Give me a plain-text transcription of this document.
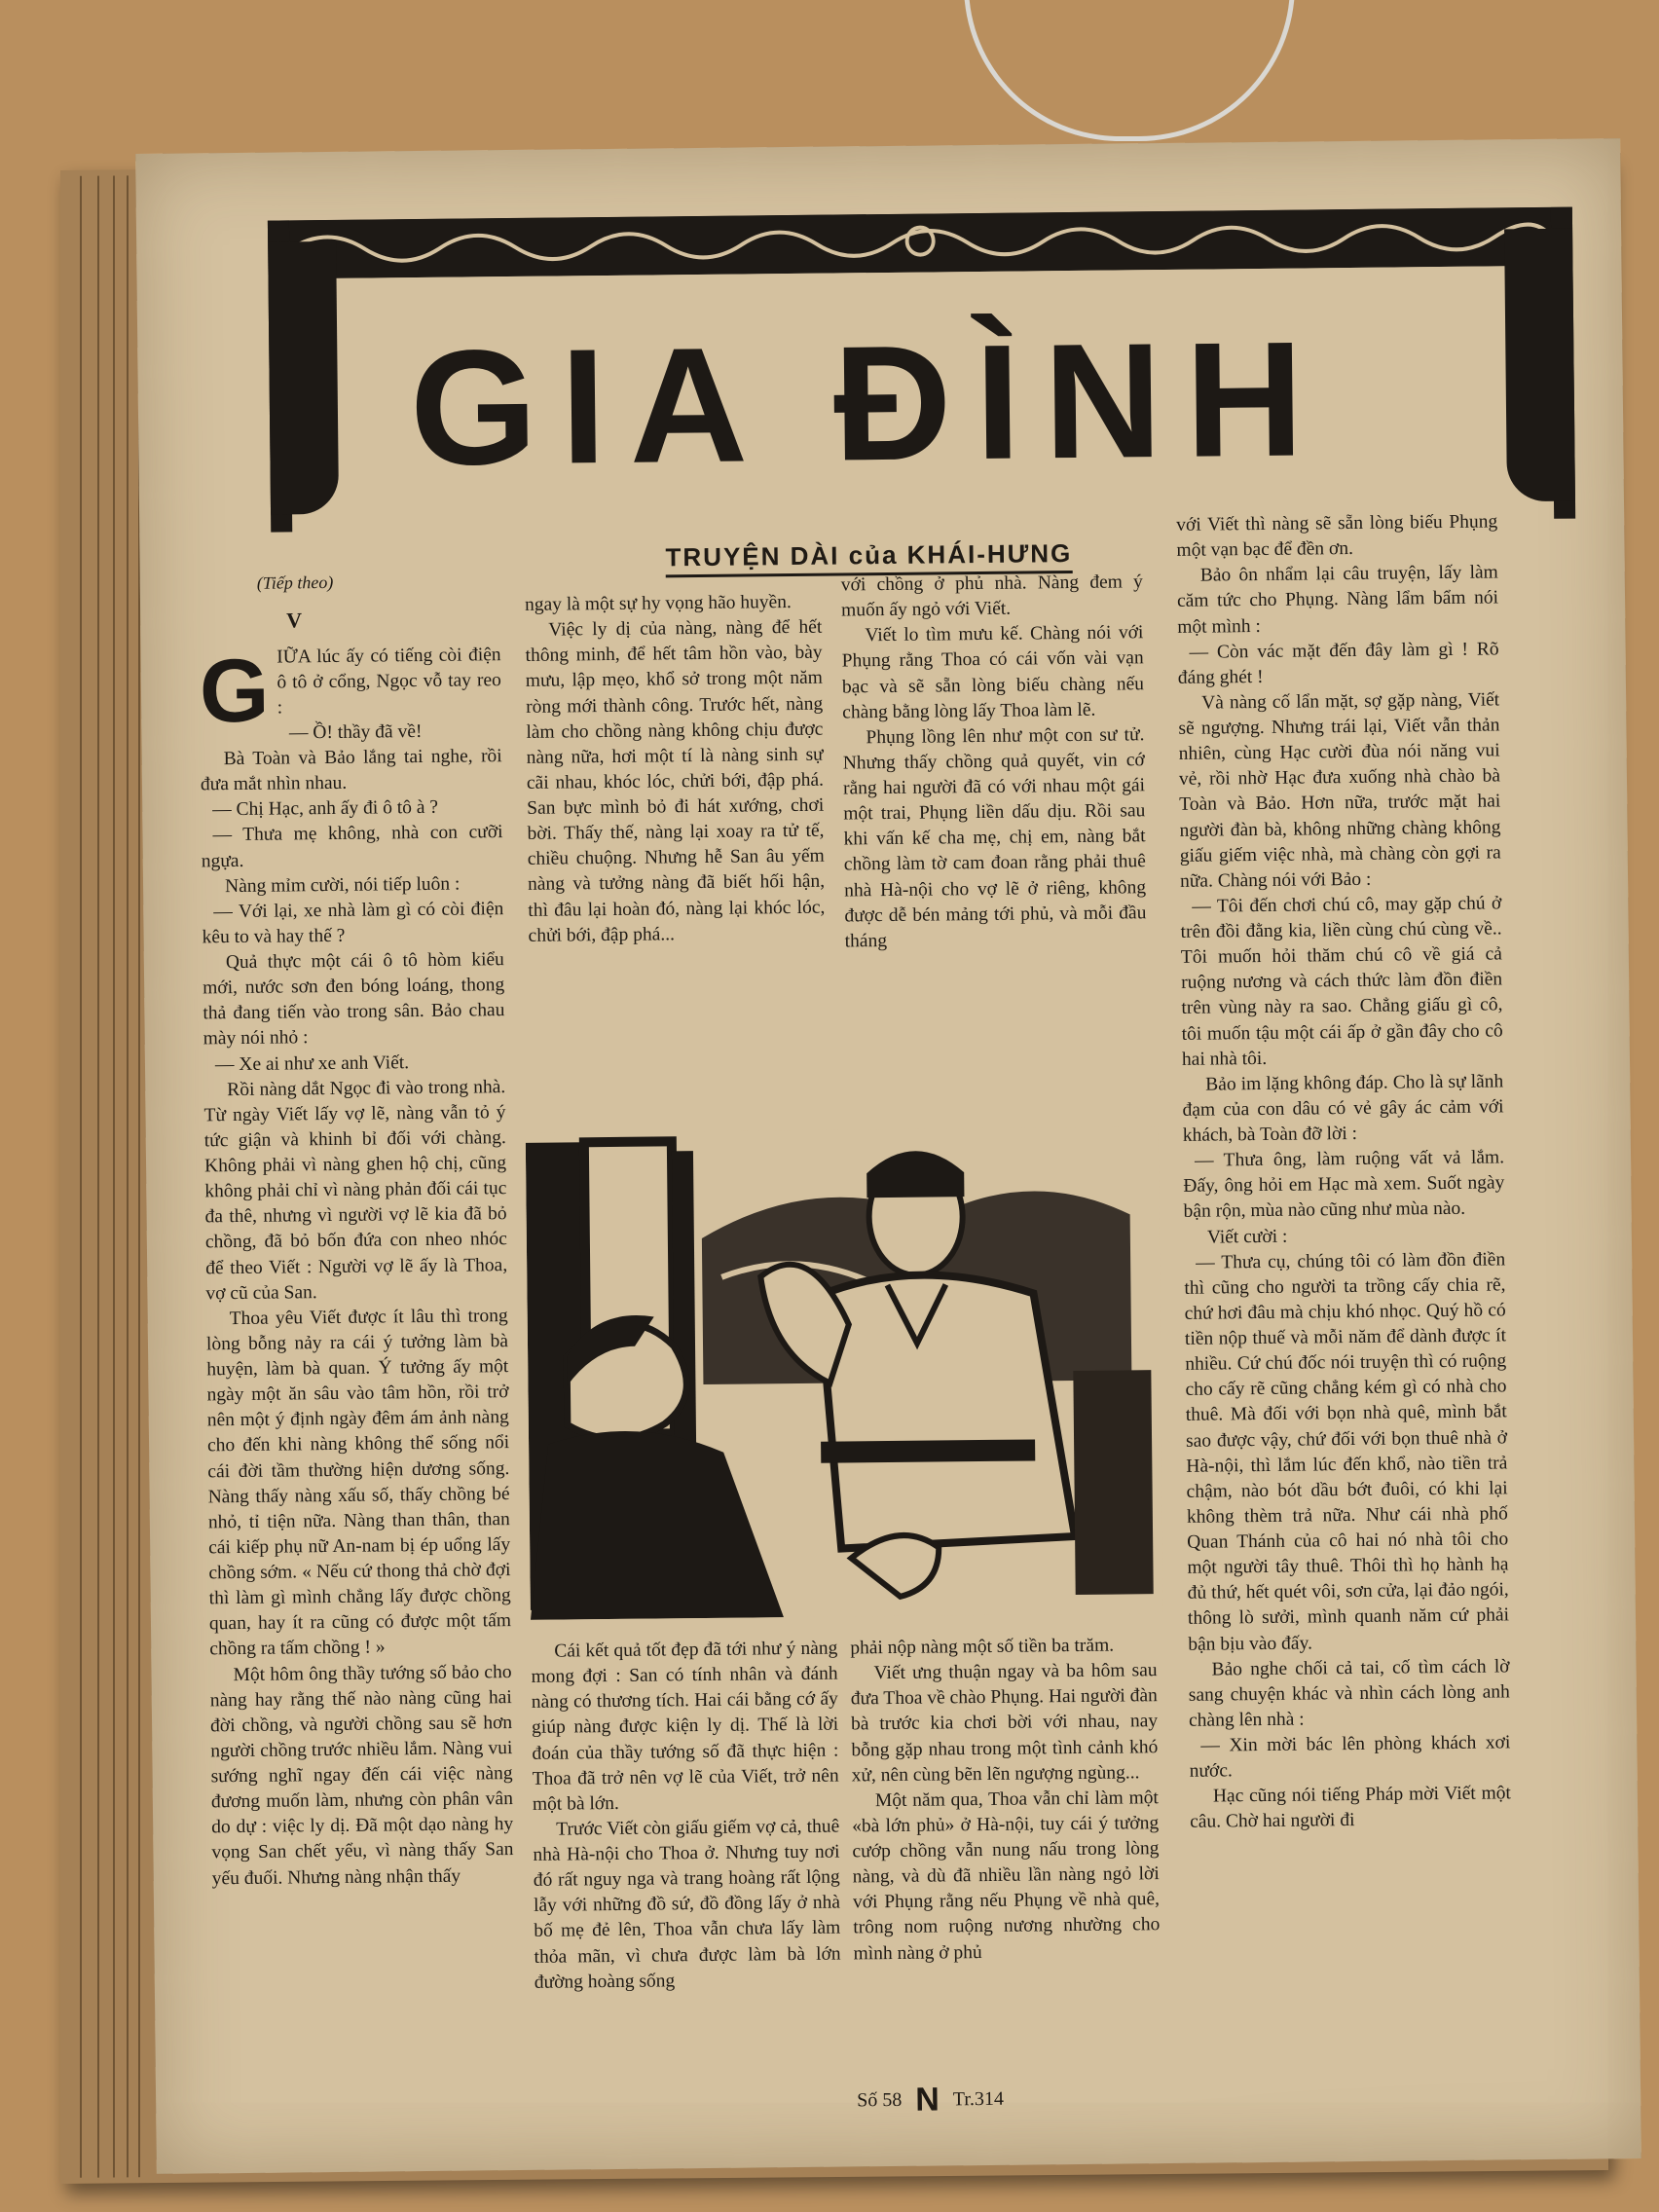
GIA ĐÌNH
TRUYỆN DÀI của KHÁI-HƯNG
(Tiếp theo)
V
G IỮA lúc ấy có tiếng còi điện ô tô ở cổng, Ngọc vỗ tay reo :

— Ồ! thầy đã về!

Bà Toàn và Bảo lắng tai nghe, rồi đưa mắt nhìn nhau.

— Chị Hạc, anh ấy đi ô tô à ?

— Thưa mẹ không, nhà con cưỡi ngựa.

Nàng mỉm cười, nói tiếp luôn :

— Với lại, xe nhà làm gì có còi điện kêu to và hay thế ?

Quả thực một cái ô tô hòm kiểu mới, nước sơn đen bóng loáng, thong thả đang tiến vào trong sân. Bảo chau mày nói nhỏ :

— Xe ai như xe anh Viết.

Rồi nàng dắt Ngọc đi vào trong nhà. Từ ngày Viết lấy vợ lẽ, nàng vẫn tỏ ý tức giận và khinh bỉ đối với chàng. Không phải vì nàng ghen hộ chị, cũng không phải chỉ vì nàng phản đối cái tục đa thê, nhưng vì người vợ lẽ kia đã bỏ chồng, đã bỏ bốn đứa con nheo nhóc để theo Viết : Người vợ lẽ ấy là Thoa, vợ cũ của San.

Thoa yêu Viết được ít lâu thì trong lòng bỗng nảy ra cái ý tưởng làm bà huyện, làm bà quan. Ý tưởng ấy một ngày một ăn sâu vào tâm hồn, rồi trở nên một ý định ngày đêm ám ảnh nàng cho đến khi nàng không thể sống nổi cái đời tầm thường hiện dương sống. Nàng thấy nàng xấu số, thấy chồng bé nhỏ, tỉ tiện nữa. Nàng than thân, than cái kiếp phụ nữ An-nam bị ép uổng lấy chồng sớm. « Nếu cứ thong thả chờ đợi thì làm gì mình chẳng lấy được chồng quan, hay ít ra cũng có được một tấm chồng ra tấm chồng ! »

Một hôm ông thầy tướng số bảo cho nàng hay rằng thế nào nàng cũng hai đời chồng, và người chồng sau sẽ hơn người chồng trước nhiều lắm. Nàng vui sướng nghĩ ngay đến cái việc nàng đương muốn làm, nhưng còn phân vân do dự : việc ly dị. Đã một dạo nàng hy vọng San chết yểu, vì nàng thấy San yếu đuối. Nhưng nàng nhận thấy

ngay là một sự hy vọng hão huyền.

Việc ly dị của nàng, nàng để hết thông minh, để hết tâm hồn vào, bày mưu, lập mẹo, khổ sở trong một năm ròng mới thành công. Trước hết, nàng làm cho chồng nàng không chịu được nàng nữa, hơi một tí là nàng sinh sự cãi nhau, khóc lóc, chửi bới, đập phá. San bực mình bỏ đi hát xướng, chơi bời. Thấy thế, nàng lại xoay ra tử tế, chiều chuộng. Nhưng hễ San âu yếm nàng và tưởng nàng đã biết hối hận, thì đâu lại hoàn đó, nàng lại khóc lóc, chửi bới, đập phá...

với chồng ở phủ nhà. Nàng đem ý muốn ấy ngỏ với Viết.

Viết lo tìm mưu kế. Chàng nói với Phụng rằng Thoa có cái vốn vài vạn bạc và sẽ sẵn lòng biếu chàng nếu chàng bằng lòng lấy Thoa làm lẽ.

Phụng lồng lên như một con sư tử. Nhưng thấy chồng quả quyết, vin cớ rằng hai người đã có với nhau một gái một trai, Phụng liền dấu dịu. Rồi sau khi vấn kế cha mẹ, chị em, nàng bắt chồng làm tờ cam đoan rằng phải thuê nhà Hà-nội cho vợ lẽ ở riêng, không được dễ bén mảng tới phủ, và mỗi đầu tháng

Cái kết quả tốt đẹp đã tới như ý nàng mong đợi : San có tính nhân và đánh nàng có thương tích. Hai cái bằng cớ ấy giúp nàng được kiện ly dị. Thế là lời đoán của thầy tướng số đã thực hiện : Thoa đã trở nên vợ lẽ của Viết, trở nên một bà lớn.

Trước Viết còn giấu giếm vợ cả, thuê nhà Hà-nội cho Thoa ở. Nhưng tuy nơi đó rất nguy nga và trang hoàng rất lộng lẫy với những đồ sứ, đồ đồng lấy ở nhà bố mẹ đẻ lên, Thoa vẫn chưa lấy làm thỏa mãn, vì chưa được làm bà lớn đường hoàng sống

phải nộp nàng một số tiền ba trăm.

Viết ưng thuận ngay và ba hôm sau đưa Thoa về chào Phụng. Hai người đàn bà trước kia chơi bời với nhau, nay bỗng gặp nhau trong một tình cảnh khó xử, nên cùng bẽn lẽn ngượng ngùng...

Một năm qua, Thoa vẫn chỉ làm một «bà lớn phủ» ở Hà-nội, tuy cái ý tưởng cướp chồng vẫn nung nấu trong lòng nàng, và dù đã nhiều lần nàng ngỏ lời với Phụng rằng nếu Phụng về nhà quê, trông nom ruộng nương nhường cho mình nàng ở phủ

với Viết thì nàng sẽ sẵn lòng biếu Phụng một vạn bạc để đền ơn.

Bảo ôn nhẩm lại câu truyện, lấy làm căm tức cho Phụng. Nàng lẩm bẩm nói một mình :

— Còn vác mặt đến đây làm gì ! Rõ đáng ghét !

Và nàng cố lẩn mặt, sợ gặp nàng, Viết sẽ ngượng. Nhưng trái lại, Viết vẫn thản nhiên, cùng Hạc cười đùa nói năng vui vẻ, rồi nhờ Hạc đưa xuống nhà chào bà Toàn và Bảo. Hơn nữa, trước mặt hai người đàn bà, không những chàng không giấu giếm việc nhà, mà chàng còn gợi ra nữa. Chàng nói với Bảo :

— Tôi đến chơi chú cô, may gặp chú ở trên đồi đằng kia, liền cùng chú cùng về.. Tôi muốn hỏi thăm chú cô về giá cả ruộng nương và cách thức làm đồn điền trên vùng này ra sao. Chẳng giấu gì cô, tôi muốn tậu một cái ấp ở gần đây cho cô hai nhà tôi.

Bảo im lặng không đáp. Cho là sự lãnh đạm của con dâu có vẻ gây ác cảm với khách, bà Toàn đỡ lời :

— Thưa ông, làm ruộng vất vả lắm. Đấy, ông hỏi em Hạc mà xem. Suốt ngày bận rộn, mùa nào cũng như mùa nào.

Viết cười :

— Thưa cụ, chúng tôi có làm đồn điền thì cũng cho người ta trồng cấy chia rẽ, chứ hơi đâu mà chịu khó nhọc. Quý hồ có tiền nộp thuế và mỗi năm để dành được ít nhiều. Cứ chú đốc nói truyện thì có ruộng cho cấy rẽ cũng chẳng kém gì có nhà cho thuê. Mà đối với bọn nhà quê, mình bắt sao được vậy, chứ đối với bọn thuê nhà ở Hà-nội, thì lắm lúc đến khổ, nào tiền trả chậm, nào bót dầu bớt đuôi, có khi lại không thèm trả nữa. Như cái nhà phố Quan Thánh của cô hai nó nhà tôi cho một người tây thuê. Thôi thì họ hành hạ đủ thứ, hết quét vôi, sơn cửa, lại đảo ngói, thông lò sưởi, mình quanh năm cứ phải bận bịu vào đấy.

Bảo nghe chối cả tai, cố tìm cách lờ sang chuyện khác và nhìn cách lòng anh chàng lên nhà :

— Xin mời bác lên phòng khách xơi nước.

Hạc cũng nói tiếng Pháp mời Viết một câu. Chờ hai người đi

Số 58 N Tr.314
